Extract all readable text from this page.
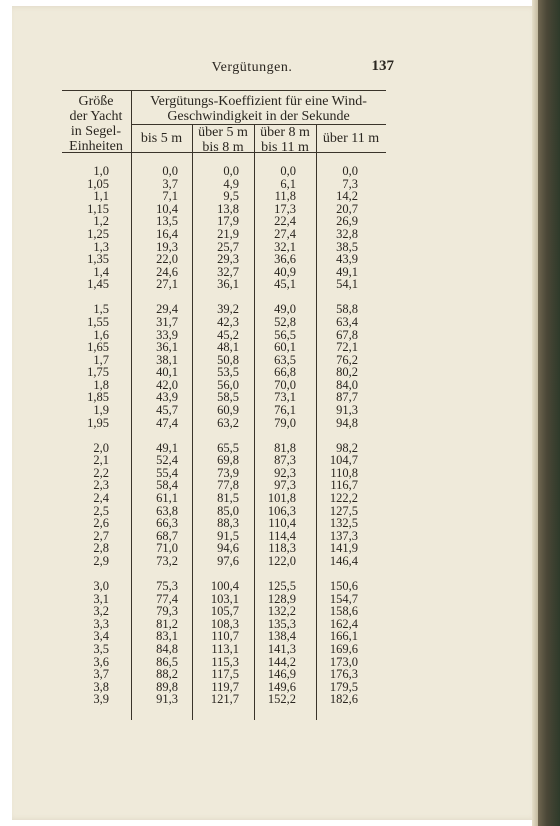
Vergütungen.	137
Größe
der Yacht
in Segel-
Einheiten
Vergütungs-Koeffizient für eine Wind-
Geschwindigkeit in der Sekunde
bis 5 m	über 5 m
bis 8 m
über 8 m
bis 11 m
über 11 m
1,0
1,05
1,1
1,15
1,2
1,25
1,3
1,35
1,4
1,45
1,5
1,55
1,6
1,65
1,7
1,75
1,8
1,85
1,9
1,95
2,0
2,1
2,2
2,3
2,4
2,5
2,6
2,7
2,8
2,9
3,0
3,1
3,2
3,3
3,4
3,5
3,6
3,7
3,8
3,9
0,0
3,7
7,1
10,4
13,5
16,4
19,3
22,0
24,6
27,1
29,4
31,7
33,9
36,1
38,1
40,1
42,0
43,9
45,7
47,4
49,1
52,4
55,4
58,4
61,1
63,8
66,3
68,7
71,0
73,2
75,3
77,4
79,3
81,2
83,1
84,8
86,5
88,2
89,8
91,3
0,0
4,9
9,5
13,8
17,9
21,9
25,7
29,3
32,7
36,1
39,2
42,3
45,2
48,1
50,8
53,5
56,0
58,5
60,9
63,2
65,5
69,8
73,9
77,8
81,5
85,0
88,3
91,5
94,6
97,6
100,4
103,1
105,7
108,3
110,7
113,1
115,3
117,5
119,7
121,7
0,0
6,1
11,8
17,3
22,4
27,4
32,1
36,6
40,9
45,1
49,0
52,8
56,5
60,1
63,5
66,8
70,0
73,1
76,1
79,0
81,8
87,3
92,3
97,3
101,8
106,3
110,4
114,4
118,3
122,0
125,5
128,9
132,2
135,3
138,4
141,3
144,2
146,9
149,6
152,2
0,0
7,3
14,2
20,7
26,9
32,8
38,5
43,9
49,1
54,1
58,8
63,4
67,8
72,1
76,2
80,2
84,0
87,7
91,3
94,8
98,2
104,7
110,8
116,7
122,2
127,5
132,5
137,3
141,9
146,4
150,6
154,7
158,6
162,4
166,1
169,6
173,0
176,3
179,5
182,6
